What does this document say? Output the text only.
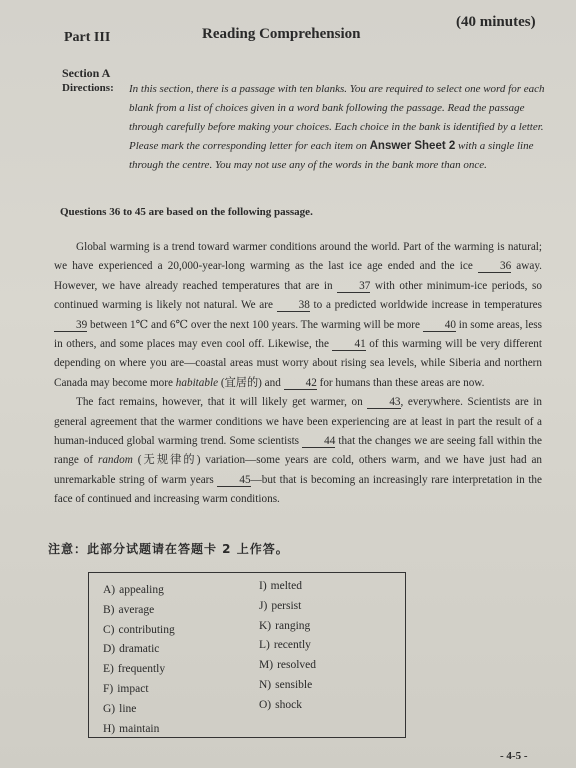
Part III	Reading Comprehension
(40 minutes)
Section A
Directions: In this section, there is a passage with ten blanks. You are required to select one word for each blank from a list of choices given in a word bank following the passage. Read the passage through carefully before making your choices. Each choice in the bank is identified by a letter. Please mark the corresponding letter for each item on Answer Sheet 2 with a single line through the centre. You may not use any of the words in the bank more than once.
Questions 36 to 45 are based on the following passage.

Global warming is a trend toward warmer conditions around the world. Part of the warming is natural; we have experienced a 20,000-year-long warming as the last ice age ended and the ice 36 away. However, we have already reached temperatures that are in 37 with other minimum-ice periods, so continued warming is likely not natural. We are 38 to a predicted worldwide increase in temperatures 39 between 1℃ and 6℃ over the next 100 years. The warming will be more 40 in some areas, less in others, and some places may even cool off. Likewise, the 41 of this warming will be very different depending on where you are—coastal areas must worry about rising sea levels, while Siberia and northern Canada may become more habitable (宜居的) and 42 for humans than these areas are now.

The fact remains, however, that it will likely get warmer, on 43, everywhere. Scientists are in general agreement that the warmer conditions we have been experiencing are at least in part the result of a human-induced global warming trend. Some scientists 44 that the changes we are seeing fall within the range of random (无规律的) variation—some years are cold, others warm, and we have just had an unremarkable string of warm years 45—but that is becoming an increasingly rare interpretation in the face of continued and increasing warm conditions.

注意：此部分试题请在答题卡 2 上作答。
A) appealing
B) average
C) contributing
D) dramatic
E) frequently
F) impact
G) line
H) maintain
I) melted
J) persist
K) ranging
L) recently
M) resolved
N) sensible
O) shock
- 4-5 -
